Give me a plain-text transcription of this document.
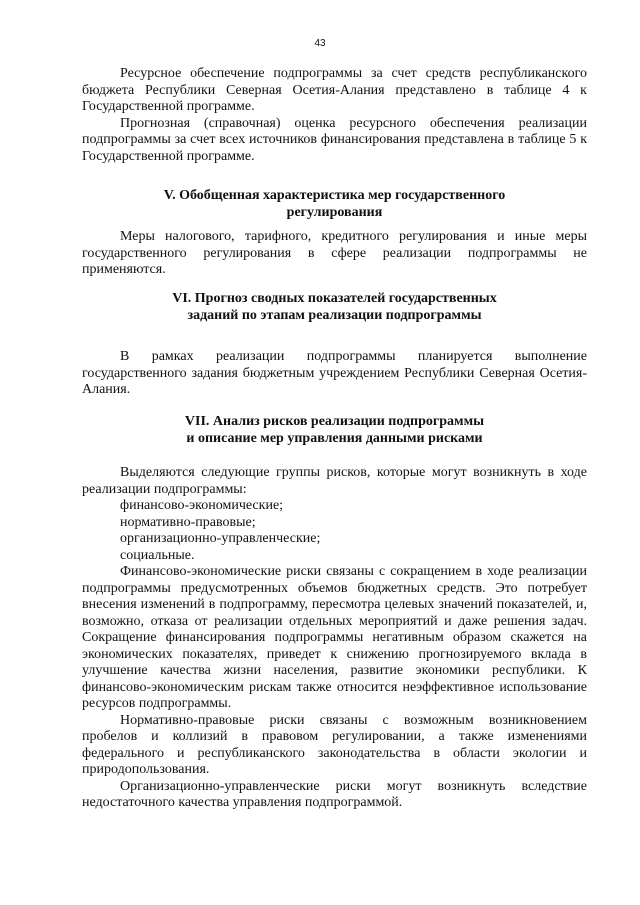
43

Ресурсное обеспечение подпрограммы за счет средств республиканского бюджета Республики Северная Осетия-Алания представлено в таблице 4 к Государственной программе.

Прогнозная (справочная) оценка ресурсного обеспечения реализации подпрограммы за счет всех источников финансирования представлена в таблице 5 к Государственной программе.

V. Обобщенная характеристика мер государственного
регулирования

Меры налогового, тарифного, кредитного регулирования и иные меры государственного регулирования в сфере реализации подпрограммы не применяются.

VI. Прогноз сводных показателей государственных
заданий по этапам реализации подпрограммы

В рамках реализации подпрограммы планируется выполнение государственного задания бюджетным учреждением Республики Северная Осетия-Алания.

VII. Анализ рисков реализации подпрограммы
и описание мер управления данными рисками

Выделяются следующие группы рисков, которые могут возникнуть в ходе реализации подпрограммы:

финансово-экономические;
нормативно-правовые;
организационно-управленческие;
социальные.

Финансово-экономические риски связаны с сокращением в ходе реализации подпрограммы предусмотренных объемов бюджетных средств. Это потребует внесения изменений в подпрограмму, пересмотра целевых значений показателей, и, возможно, отказа от реализации отдельных мероприятий и даже решения задач. Сокращение финансирования подпрограммы негативным образом скажется на экономических показателях, приведет к снижению прогнозируемого вклада в улучшение качества жизни населения, развитие экономики республики. К финансово-экономическим рискам также относится неэффективное использование ресурсов подпрограммы.

Нормативно-правовые риски связаны с возможным возникновением пробелов и коллизий в правовом регулировании, а также изменениями федерального и республиканского законодательства в области экологии и природопользования.

Организационно-управленческие риски могут возникнуть вследствие недостаточного качества управления подпрограммой.
